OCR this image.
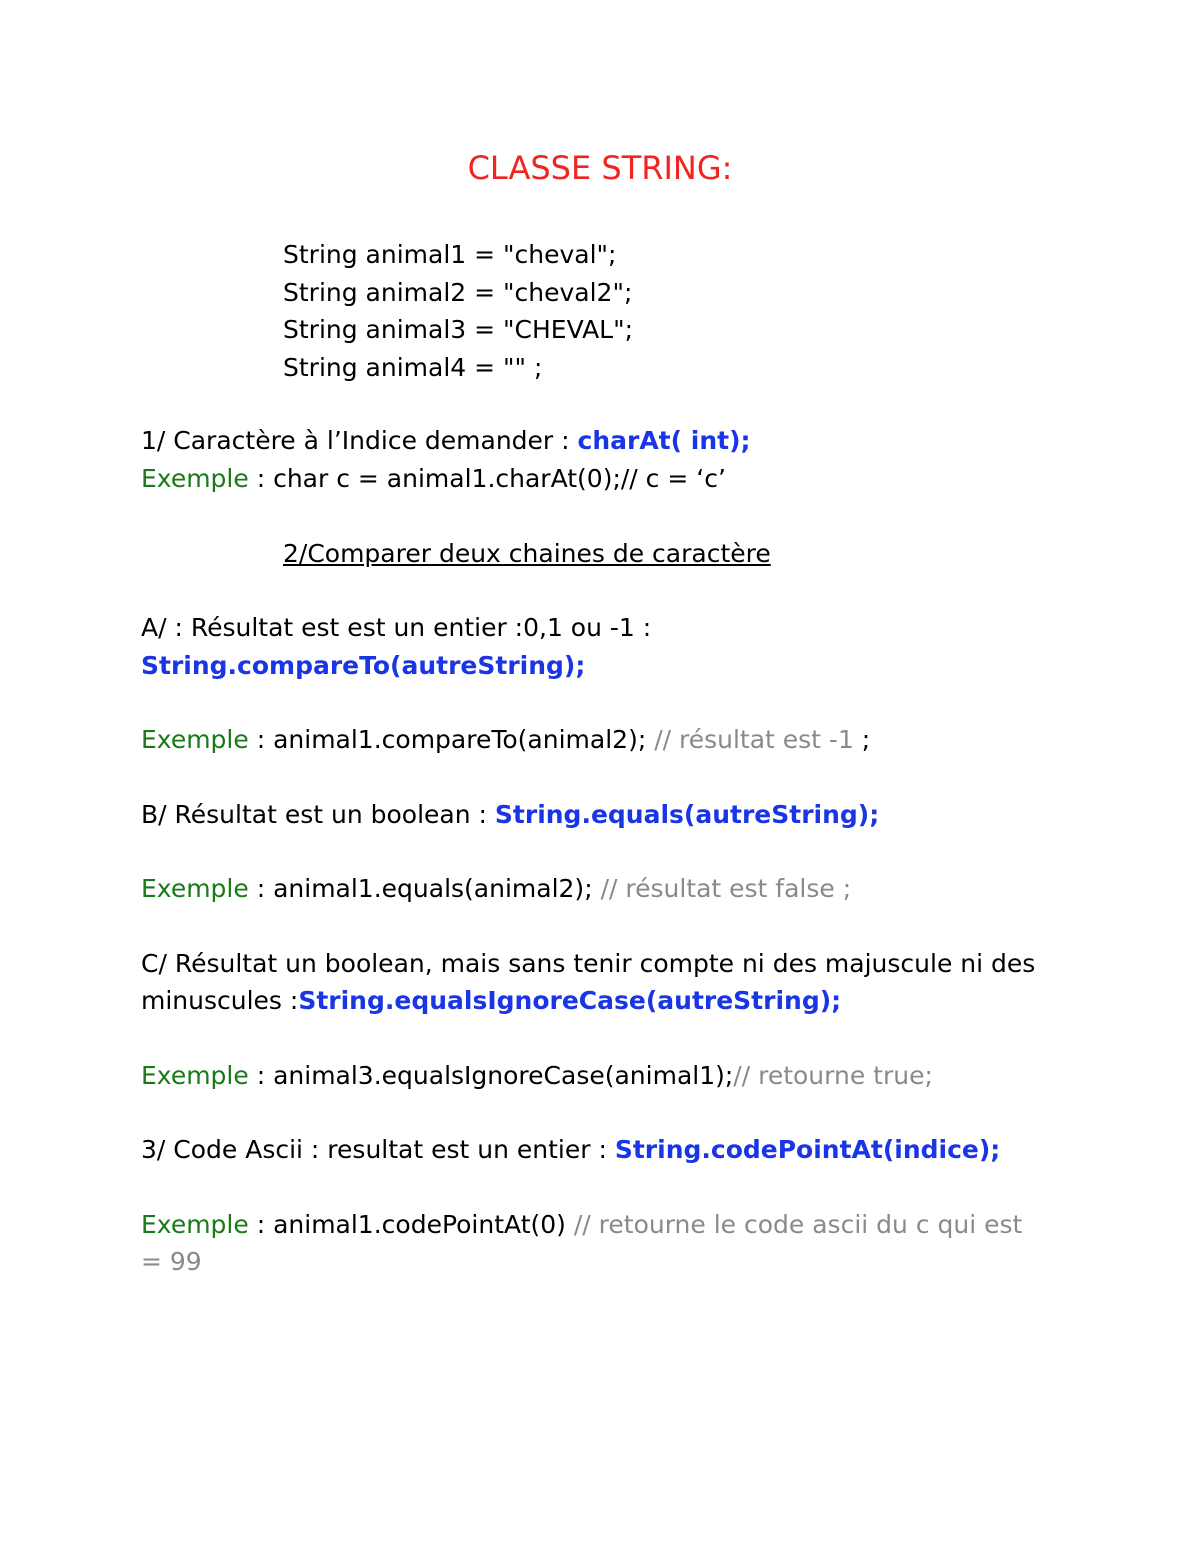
CLASSE STRING:
String animal1 = "cheval";
String animal2 = "cheval2";
String animal3 = "CHEVAL";
String animal4 = "" ;
1/ Caractère à l’Indice demander : charAt( int);
Exemple : char c = animal1.charAt(0);// c = ‘c’
2/Comparer deux chaines de caractère
A/ : Résultat est est un entier :0,1 ou -1 :
String.compareTo(autreString);
Exemple : animal1.compareTo(animal2); // résultat est -1 ;
B/ Résultat est un boolean : String.equals(autreString);
Exemple : animal1.equals(animal2); // résultat est false ;
C/ Résultat un boolean, mais sans tenir compte ni des majuscule ni des
minuscules :String.equalsIgnoreCase(autreString);
Exemple : animal3.equalsIgnoreCase(animal1);// retourne true;
3/ Code Ascii : resultat est un entier : String.codePointAt(indice);
Exemple : animal1.codePointAt(0) // retourne le code ascii du c qui est
= 99
